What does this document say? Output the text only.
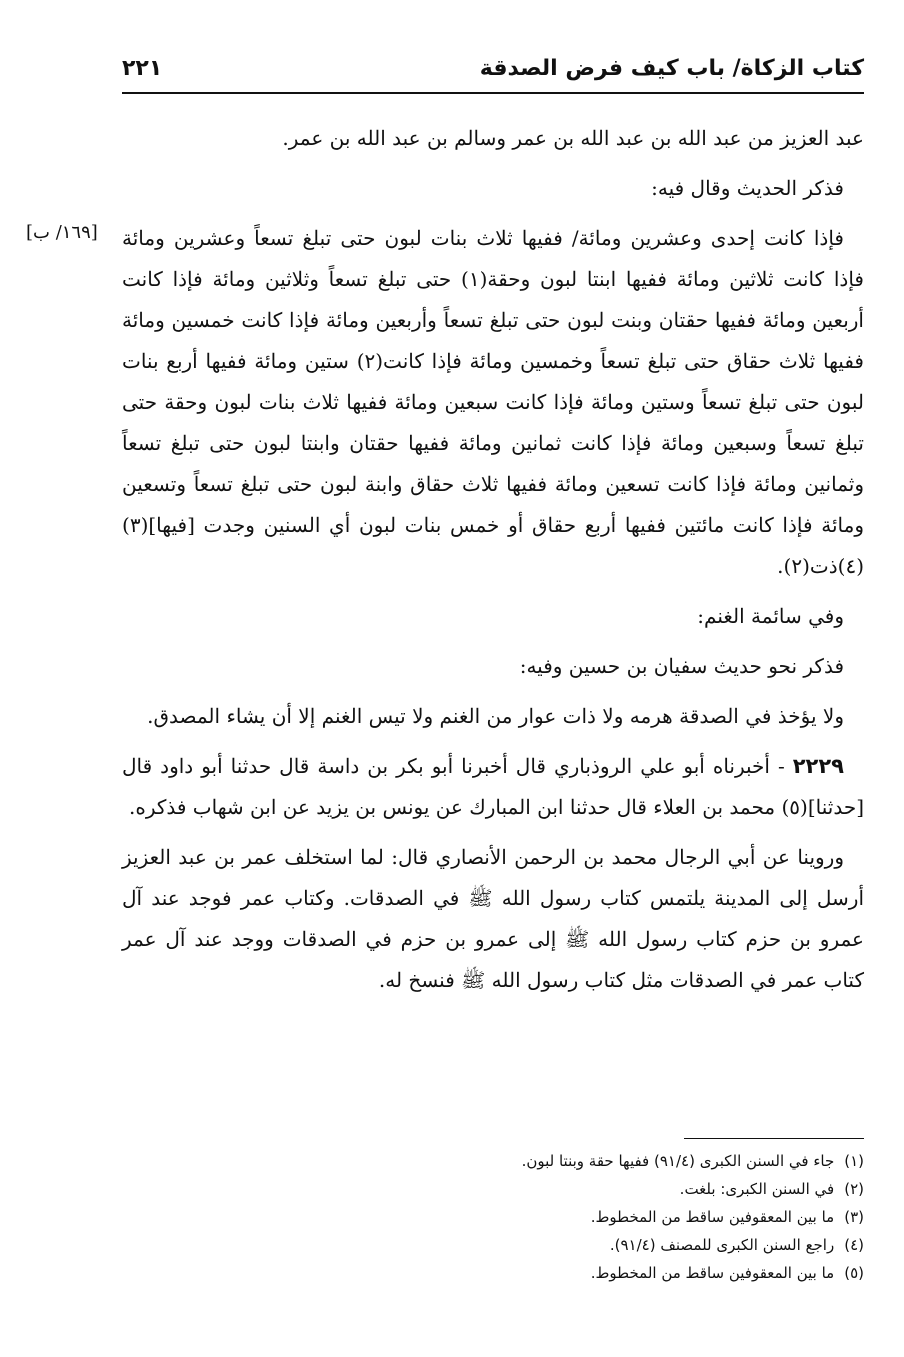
كتاب الزكاة/ باب كيف فرض الصدقة
٢٢١
[١٦٩/ ب]

عبد العزيز من عبد الله بن عبد الله بن عمر وسالم بن عبد الله بن عمر.

فذكر الحديث وقال فيه:

فإذا كانت إحدى وعشرين ومائة/ ففيها ثلاث بنات لبون حتى تبلغ تسعاً وعشرين ومائة فإذا كانت ثلاثين ومائة ففيها ابنتا لبون وحقة(١) حتى تبلغ تسعاً وثلاثين ومائة فإذا كانت أربعين ومائة ففيها حقتان وبنت لبون حتى تبلغ تسعاً وأربعين ومائة فإذا كانت خمسين ومائة ففيها ثلاث حقاق حتى تبلغ تسعاً وخمسين ومائة فإذا كانت(٢) ستين ومائة ففيها أربع بنات لبون حتى تبلغ تسعاً وستين ومائة فإذا كانت سبعين ومائة ففيها ثلاث بنات لبون وحقة حتى تبلغ تسعاً وسبعين ومائة فإذا كانت ثمانين ومائة ففيها حقتان وابنتا لبون حتى تبلغ تسعاً وثمانين ومائة فإذا كانت تسعين ومائة ففيها ثلاث حقاق وابنة لبون حتى تبلغ تسعاً وتسعين ومائة فإذا كانت مائتين ففيها أربع حقاق أو خمس بنات لبون أي السنين وجدت [فيها](٣) (٤)ذت(٢).

وفي سائمة الغنم:

فذكر نحو حديث سفيان بن حسين وفيه:

ولا يؤخذ في الصدقة هرمه ولا ذات عوار من الغنم ولا تيس الغنم إلا أن يشاء المصدق.

٢٢٢٩ - أخبرناه أبو علي الروذباري قال أخبرنا أبو بكر بن داسة قال حدثنا أبو داود قال [حدثنا](٥) محمد بن العلاء قال حدثنا ابن المبارك عن يونس بن يزيد عن ابن شهاب فذكره.

وروينا عن أبي الرجال محمد بن الرحمن الأنصاري قال: لما استخلف عمر بن عبد العزيز أرسل إلى المدينة يلتمس كتاب رسول الله ﷺ في الصدقات. وكتاب عمر فوجد عند آل عمرو بن حزم كتاب رسول الله ﷺ إلى عمرو بن حزم في الصدقات ووجد عند آل عمر كتاب عمر في الصدقات مثل كتاب رسول الله ﷺ فنسخ له.

(١)جاء في السنن الكبرى (٩١/٤) ففيها حقة وبنتا لبون.
(٢)في السنن الكبرى: بلغت.
(٣)ما بين المعقوفين ساقط من المخطوط.
(٤)راجع السنن الكبرى للمصنف (٩١/٤).
(٥)ما بين المعقوفين ساقط من المخطوط.
